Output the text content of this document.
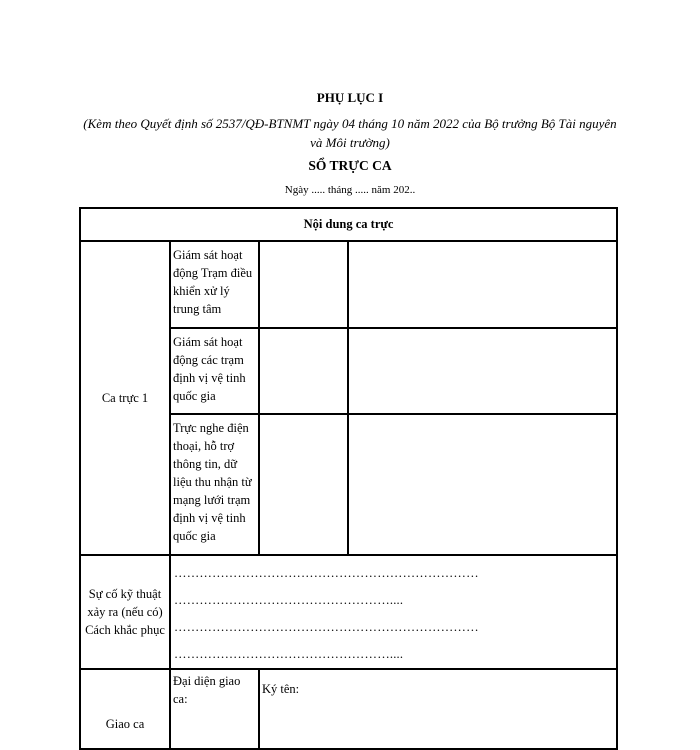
PHỤ LỤC I
(Kèm theo Quyết định số 2537/QĐ-BTNMT ngày 04 tháng 10 năm 2022 của Bộ trưởng Bộ Tài nguyên và Môi trường)
SỔ TRỰC CA
Ngày ..... tháng ..... năm 202..
Nội dung ca trực			
Ca trực 1	Giám sát hoạt động Trạm điều khiển xử lý trung tâm		
	Giám sát hoạt động các trạm định vị vệ tinh quốc gia		
	Trực nghe điện thoại, hỗ trợ thông tin, dữ liệu thu nhận từ mạng lưới trạm định vị vệ tinh quốc gia		
Sự cố kỹ thuật xảy ra (nếu có) Cách khắc phục	………………………………………………………………
……………………………………………....
………………………………………………………………
……………………………………………....		

Giao ca	Đại diện giao ca:	Ký tên:	
